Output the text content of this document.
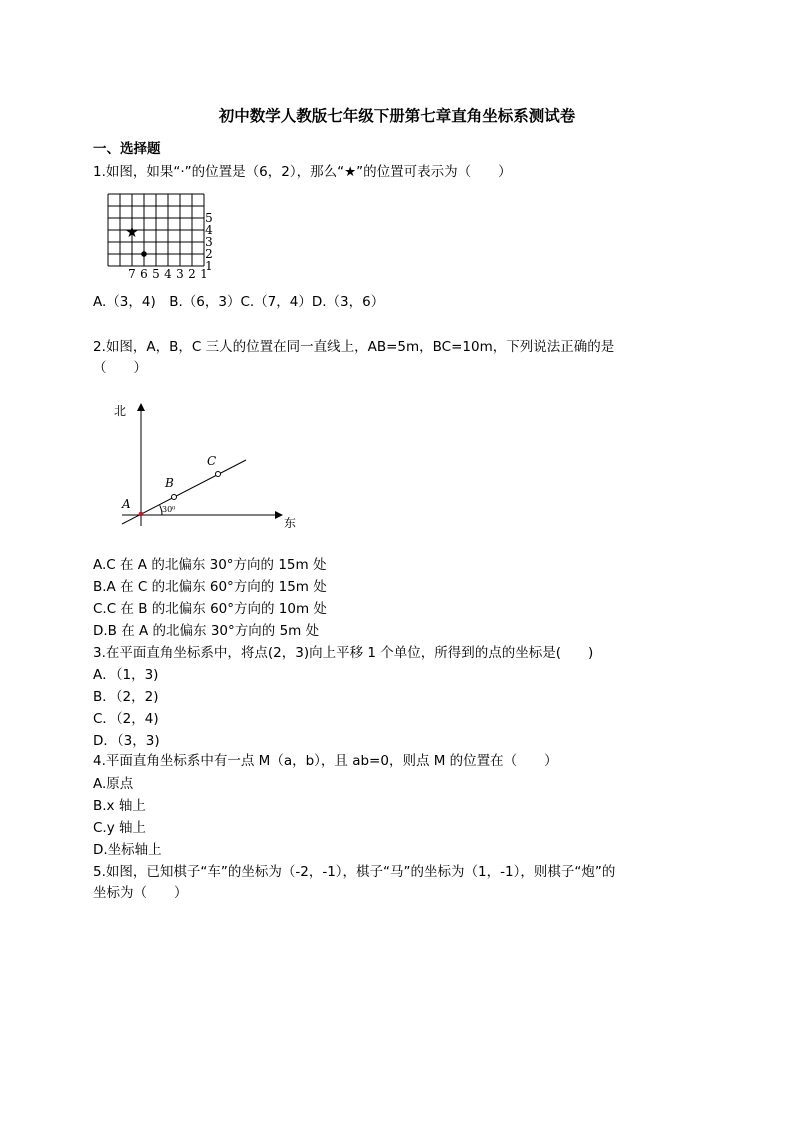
初中数学人教版七年级下册第七章直角坐标系测试卷
一、选择题
1.如图，如果“·”的位置是（6，2），那么“★”的位置可表示为（　　）
★
7 6 5 4 3 2 1
5
4
3
2
1
A.（3，4)　B.（6，3）C.（7，4）D.（3，6）
2.如图，A，B，C 三人的位置在同一直线上，AB=5m，BC=10m，下列说法正确的是
（　　）
北
东
A
B
C
30⁰
A.C 在 A 的北偏东 30°方向的 15m 处
B.A 在 C 的北偏东 60°方向的 15m 处
C.C 在 B 的北偏东 60°方向的 10m 处
D.B 在 A 的北偏东 30°方向的 5m 处
3.在平面直角坐标系中，将点(2，3)向上平移 1 个单位，所得到的点的坐标是(　　)
A．（1，3)
B．（2，2)
C．（2，4)
D．（3，3)
4.平面直角坐标系中有一点 M（a，b），且 ab=0，则点 M 的位置在（　　）
A.原点
B.x 轴上
C.y 轴上
D.坐标轴上
5.如图，已知棋子“车”的坐标为（-2，-1），棋子“马”的坐标为（1，-1），则棋子“炮”的
坐标为（　　）
